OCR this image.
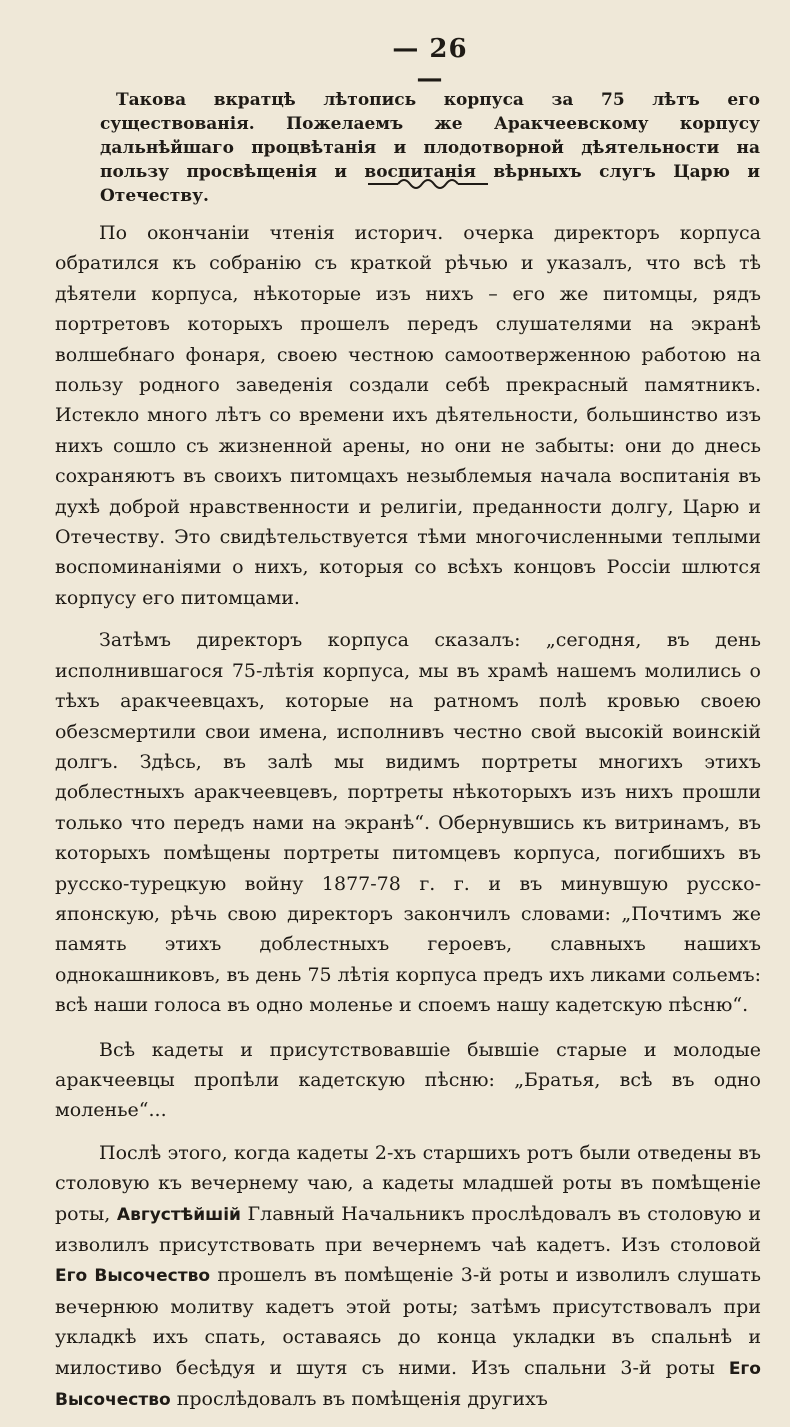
— 26 —

Такова вкратцѣ лѣтопись корпуса за 75 лѣтъ его существованія. Пожелаемъ же Аракчеевскому корпусу дальнѣйшаго процвѣтанія и плодотворной дѣятельности на пользу просвѣщенія и воспитанія вѣрныхъ слугъ Царю и Отечеству.

По окончаніи чтенія историч. очерка директоръ корпуса обратился къ собранію съ краткой рѣчью и указалъ, что всѣ тѣ дѣятели корпуса, нѣкоторые изъ нихъ – его же питомцы, рядъ портретовъ которыхъ прошелъ передъ слушателями на экранѣ волшебнаго фонаря, своею честною самоотверженною работою на пользу родного заведенія создали себѣ прекрасный памятникъ. Истекло много лѣтъ со времени ихъ дѣятельности, большинство изъ нихъ сошло съ жизненной арены, но они не забыты: они до днесь сохраняютъ въ своихъ питомцахъ незыблемыя начала воспитанія въ духѣ доброй нравственности и религіи, преданности долгу, Царю и Отечеству. Это свидѣтельствуется тѣми многочисленными теплыми воспоминаніями о нихъ, которыя со всѣхъ концовъ Россіи шлются корпусу его питомцами.

Затѣмъ директоръ корпуса сказалъ: „сегодня, въ день исполнившагося 75-лѣтія корпуса, мы въ храмѣ нашемъ молились о тѣхъ аракчеевцахъ, которые на ратномъ полѣ кровью своею обезсмертили свои имена, исполнивъ честно свой высокій воинскій долгъ. Здѣсь, въ залѣ мы видимъ портреты многихъ этихъ доблестныхъ аракчеевцевъ, портреты нѣкоторыхъ изъ нихъ прошли только что передъ нами на экранѣ“. Обернувшись къ витринамъ, въ которыхъ помѣщены портреты питомцевъ корпуса, погибшихъ въ русско-турецкую войну 1877-78 г. г. и въ минувшую русско-японскую, рѣчь свою директоръ закончилъ словами: „Почтимъ же память этихъ доблестныхъ героевъ, славныхъ нашихъ однокашниковъ, въ день 75 лѣтія корпуса предъ ихъ ликами сольемъ: всѣ наши голоса въ одно моленье и споемъ нашу кадетскую пѣсню“.

Всѣ кадеты и присутствовавшіе бывшіе старые и молодые аракчеевцы пропѣли кадетскую пѣсню: „Братья, всѣ въ одно моленье“...

Послѣ этого, когда кадеты 2-хъ старшихъ ротъ были отведены въ столовую къ вечернему чаю, а кадеты младшей роты въ помѣщеніе роты, Августѣйшій Главный Начальникъ прослѣдовалъ въ столовую и изволилъ присутствовать при вечернемъ чаѣ кадетъ. Изъ столовой Его Высочество прошелъ въ помѣщеніе 3-й роты и изволилъ слушать вечернюю молитву кадетъ этой роты; затѣмъ присутствовалъ при укладкѣ ихъ спать, оставаясь до конца укладки въ спальнѣ и милостиво бесѣдуя и шутя съ ними. Изъ спальни 3-й роты Его Высочество прослѣдовалъ въ помѣщенія другихъ
